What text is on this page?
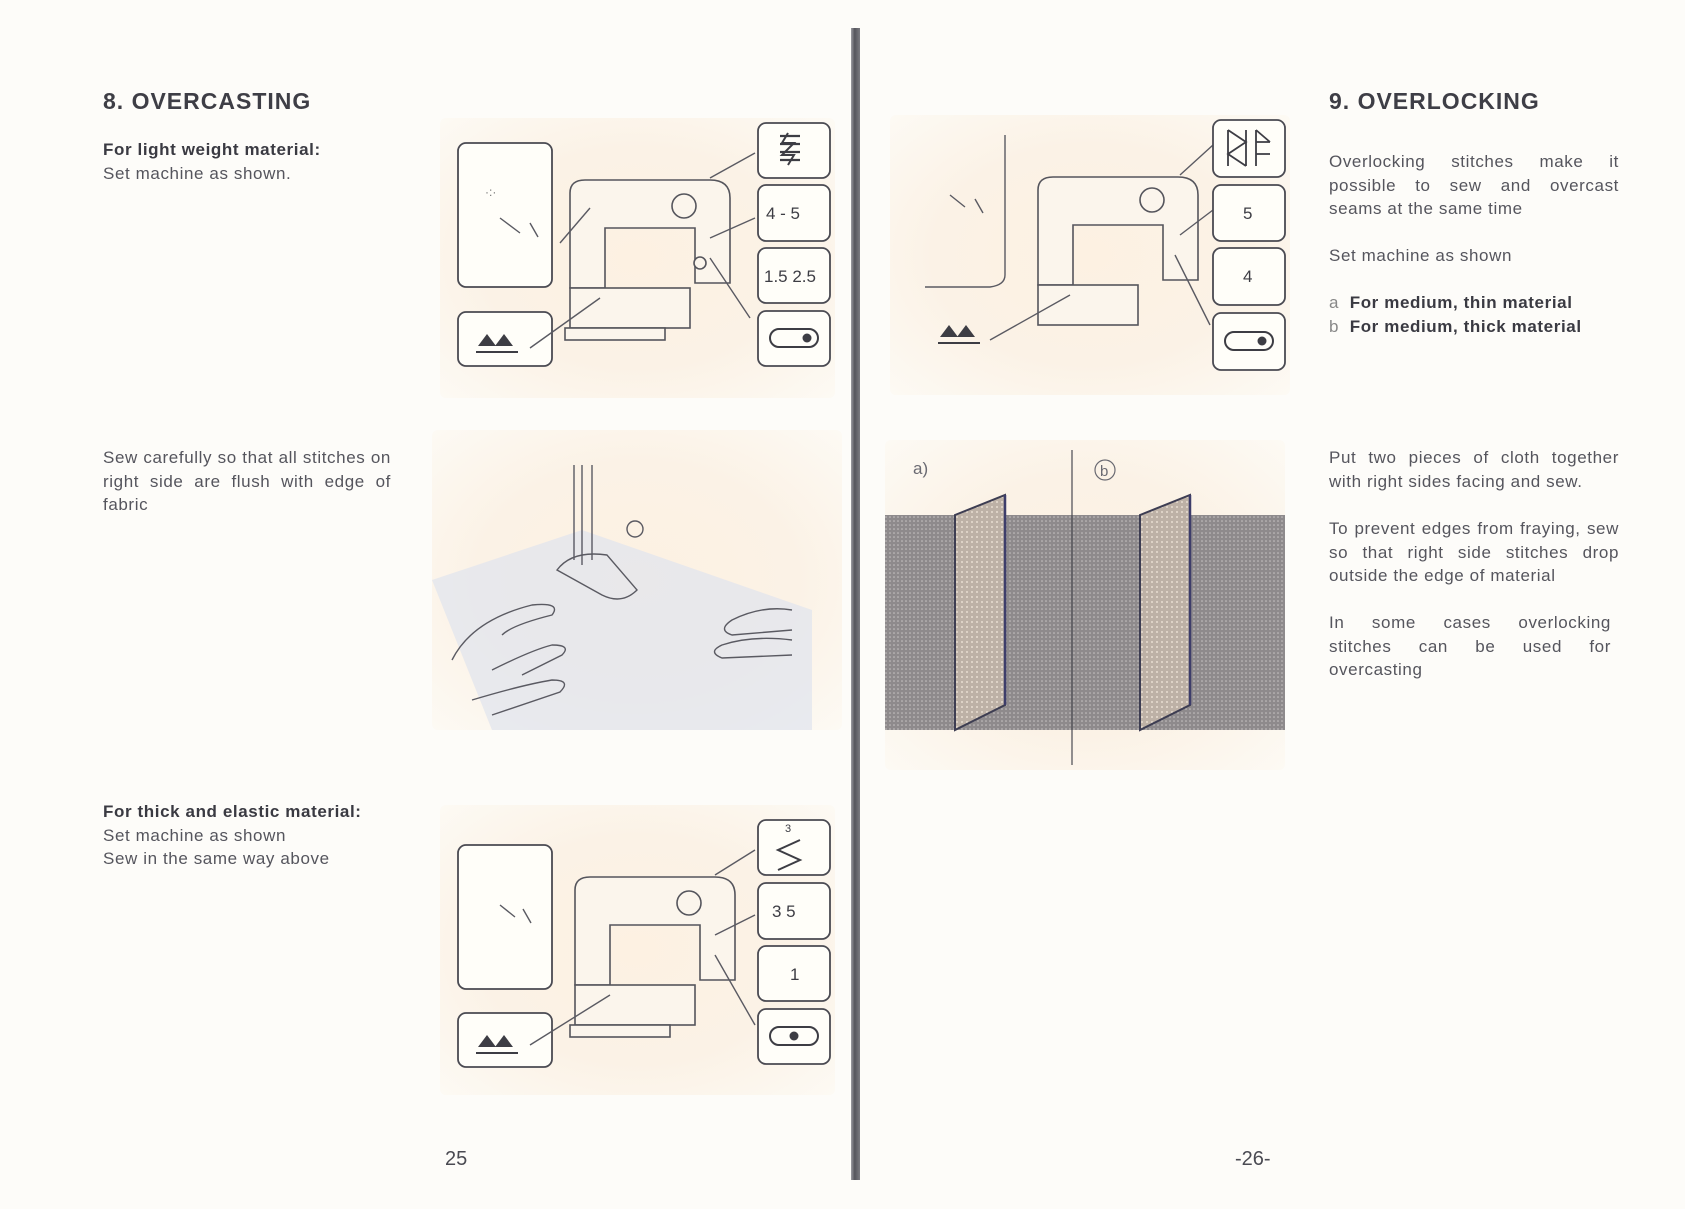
8. OVERCASTING
For light weight material:
Set machine as shown.
Sew carefully so that all stitches on right side are flush with edge of fabric
For thick and elastic material:
Set machine as shown
Sew in the same way above
·:·
4 - 5
1.5 2.5
3
3 5
1
25
5
4
a)	b
9. OVERLOCKING
Overlocking stitches make it possible to sew and overcast seams at the same time
Set machine as shown
a For medium, thin material
b For medium, thick material
Put two pieces of cloth together with right sides facing and sew.
To prevent edges from fraying, sew so that right side stitches drop outside the edge of material
In some cases overlocking stitches can be used for overcasting
-26-
